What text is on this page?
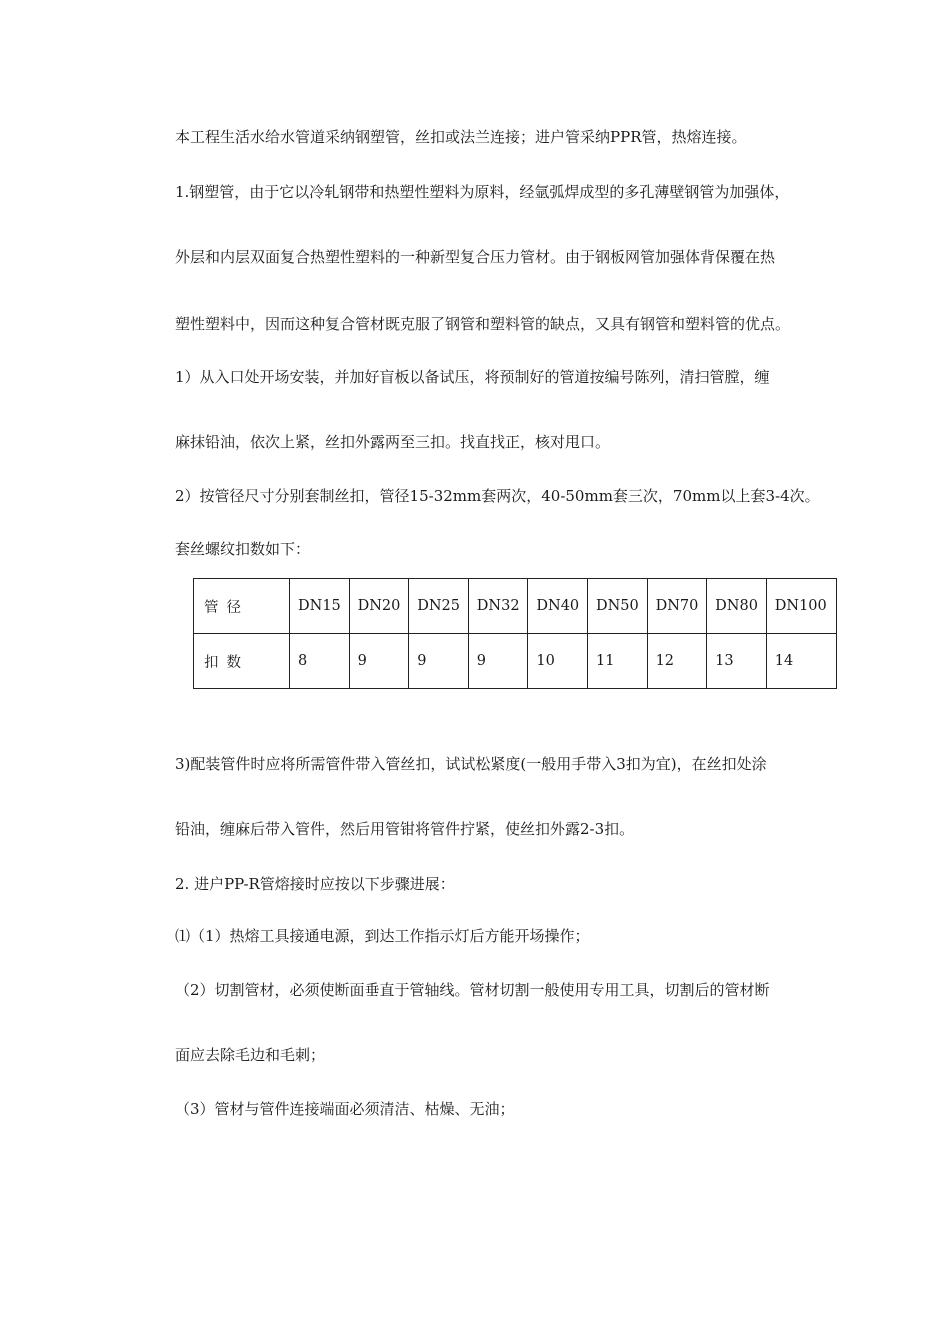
本工程生活水给水管道采纳钢塑管，丝扣或法兰连接；进户管采纳PPR管，热熔连接。
1.钢塑管，由于它以冷轧钢带和热塑性塑料为原料，经氩弧焊成型的多孔薄壁钢管为加强体，
外层和内层双面复合热塑性塑料的一种新型复合压力管材。由于钢板网管加强体背保覆在热
塑性塑料中，因而这种复合管材既克服了钢管和塑料管的缺点，又具有钢管和塑料管的优点。
1）从入口处开场安装，并加好盲板以备试压，将预制好的管道按编号陈列，清扫管膛，缠
麻抹铅油，依次上紧，丝扣外露两至三扣。找直找正，核对甩口。
2）按管径尺寸分别套制丝扣，管径15-32mm套两次，40-50mm套三次，70mm以上套3-4次。
套丝螺纹扣数如下：
管径	DN15	DN20	DN25	DN32	DN40	DN50	DN70	DN80	DN100
扣数	8	9	9	9	10	11	12	13	14
3)配装管件时应将所需管件带入管丝扣，试试松紧度(一般用手带入3扣为宜)，在丝扣处涂
铅油，缠麻后带入管件，然后用管钳将管件拧紧，使丝扣外露2-3扣。
2. 进户PP-R管熔接时应按以下步骤进展：
⑴（1）热熔工具接通电源，到达工作指示灯后方能开场操作；
（2）切割管材，必须使断面垂直于管轴线。管材切割一般使用专用工具，切割后的管材断
面应去除毛边和毛刺；
（3）管材与管件连接端面必须清洁、枯燥、无油；
